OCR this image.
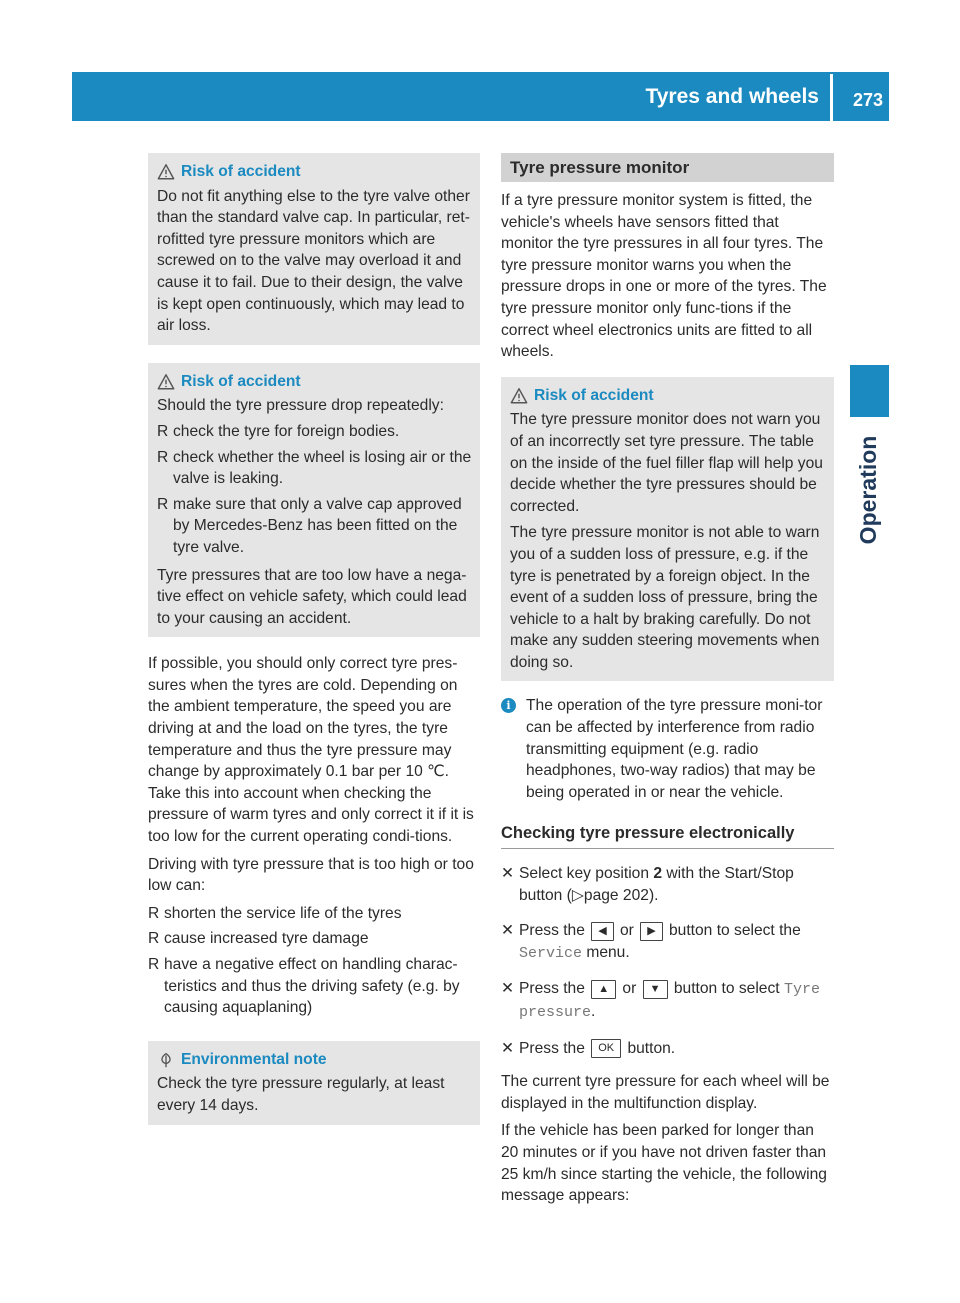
Tyres and wheels 273
Operation
Risk of accident

Do not fit anything else to the tyre valve other than the standard valve cap. In particular, ret-rofitted tyre pressure monitors which are screwed on to the valve may overload it and cause it to fail. Due to their design, the valve is kept open continuously, which may lead to air loss.

Risk of accident

Should the tyre pressure drop repeatedly:

R check the tyre for foreign bodies.
R check whether the wheel is losing air or the valve is leaking.
R make sure that only a valve cap approved by Mercedes-Benz has been fitted on the tyre valve.

Tyre pressures that are too low have a nega-tive effect on vehicle safety, which could lead to your causing an accident.

If possible, you should only correct tyre pres-sures when the tyres are cold. Depending on the ambient temperature, the speed you are driving at and the load on the tyres, the tyre temperature and thus the tyre pressure may change by approximately 0.1 bar per 10 ℃. Take this into account when checking the pressure of warm tyres and only correct it if it is too low for the current operating condi-tions.

Driving with tyre pressure that is too high or too low can:

R shorten the service life of the tyres
R cause increased tyre damage
R have a negative effect on handling charac-teristics and thus the driving safety (e.g. by causing aquaplaning)
Environmental note

Check the tyre pressure regularly, at least every 14 days.

Tyre pressure monitor

If a tyre pressure monitor system is fitted, the vehicle's wheels have sensors fitted that monitor the tyre pressures in all four tyres. The tyre pressure monitor warns you when the pressure drops in one or more of the tyres. The tyre pressure monitor only func-tions if the correct wheel electronics units are fitted to all wheels.

Risk of accident

The tyre pressure monitor does not warn you of an incorrectly set tyre pressure. The table on the inside of the fuel filler flap will help you decide whether the tyre pressures should be corrected.

The tyre pressure monitor is not able to warn you of a sudden loss of pressure, e.g. if the tyre is penetrated by a foreign object. In the event of a sudden loss of pressure, bring the vehicle to a halt by braking carefully. Do not make any sudden steering movements when doing so.

i The operation of the tyre pressure moni-tor can be affected by interference from radio transmitting equipment (e.g. radio headphones, two-way radios) that may be being operated in or near the vehicle.
Checking tyre pressure electronically
✕ Select key position 2 with the Start/Stop button (▷page 202).
✕ Press the ◀ or ▶ button to select the Service menu.
✕ Press the ▲ or ▼ button to select Tyre pressure.
✕ Press the OK button.

The current tyre pressure for each wheel will be displayed in the multifunction display.

If the vehicle has been parked for longer than 20 minutes or if you have not driven faster than 25 km/h since starting the vehicle, the following message appears:
